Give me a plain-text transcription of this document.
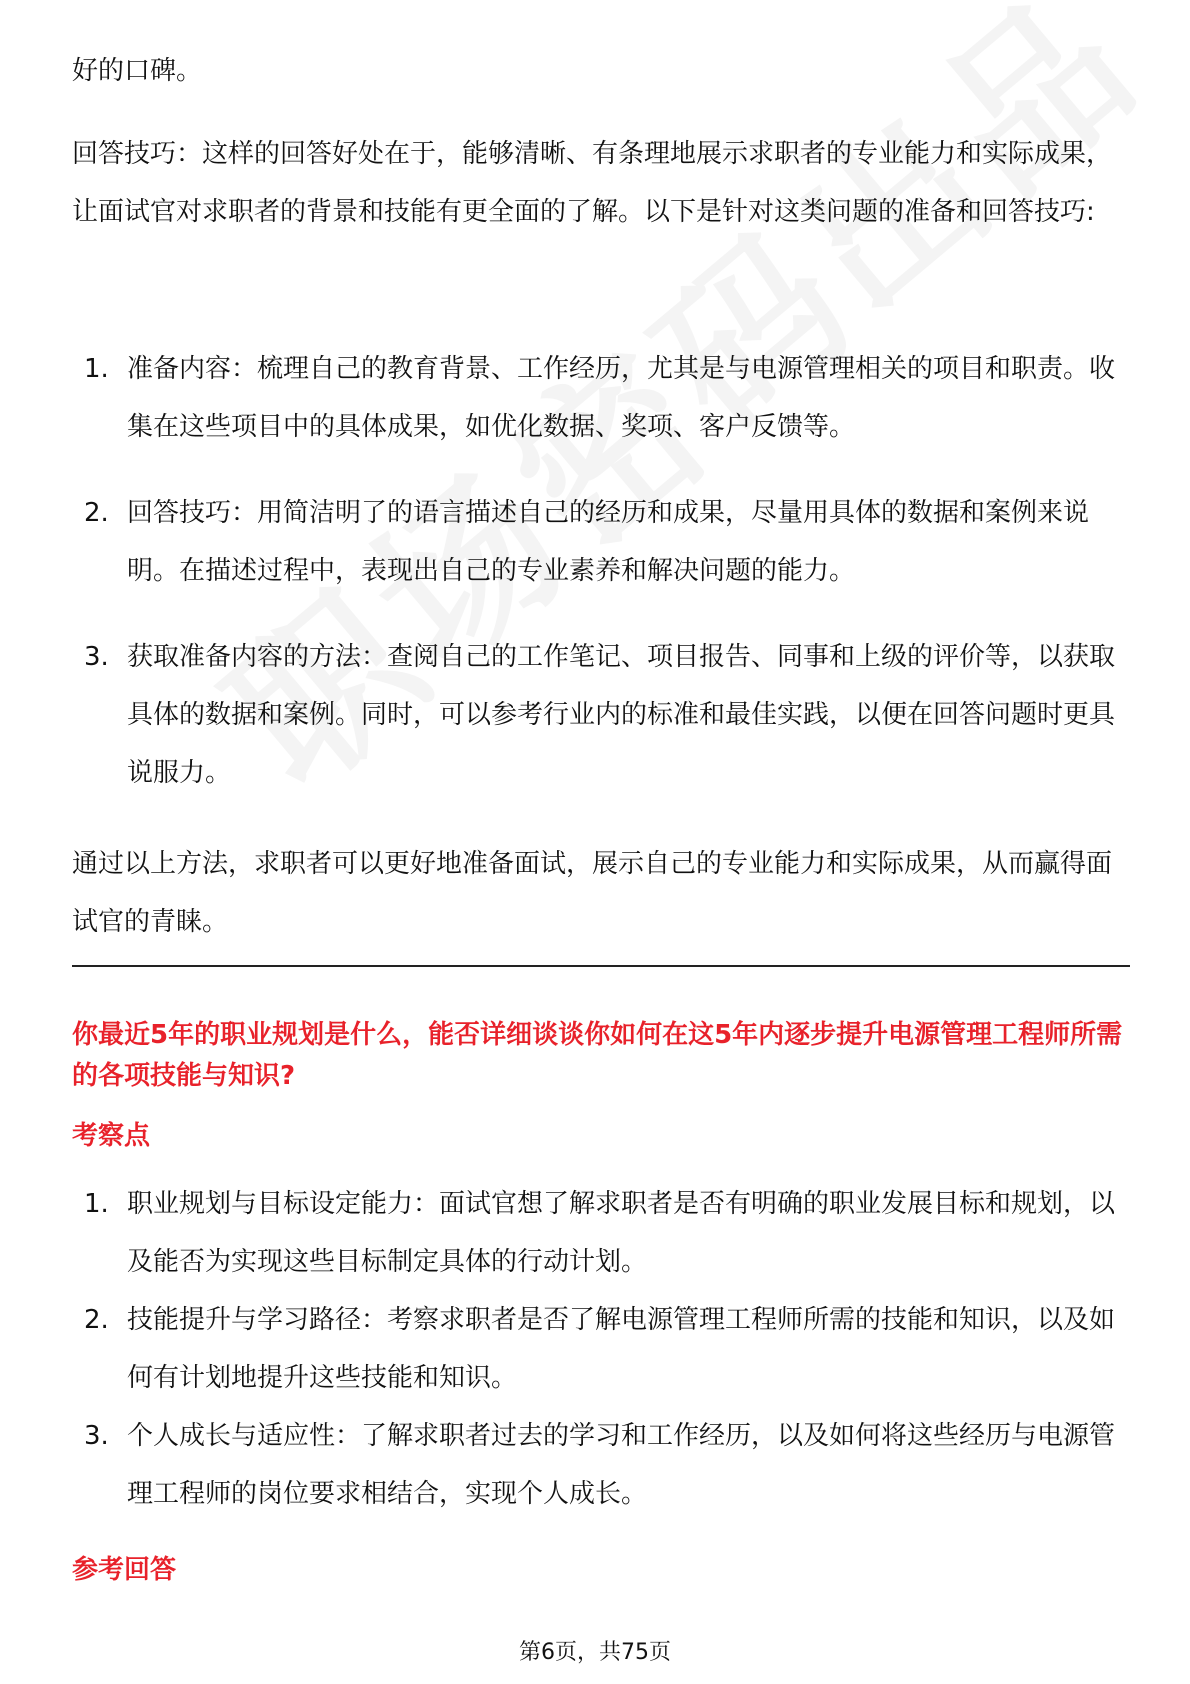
好的口碑。

回答技巧：这样的回答好处在于，能够清晰、有条理地展示求职者的专业能力和实际成果，让面试官对求职者的背景和技能有更全面的了解。以下是针对这类问题的准备和回答技巧:

1. 准备内容：梳理自己的教育背景、工作经历，尤其是与电源管理相关的项目和职责。收集在这些项目中的具体成果，如优化数据、奖项、客户反馈等。
2. 回答技巧：用简洁明了的语言描述自己的经历和成果，尽量用具体的数据和案例来说明。在描述过程中，表现出自己的专业素养和解决问题的能力。
3. 获取准备内容的方法：查阅自己的工作笔记、项目报告、同事和上级的评价等，以获取具体的数据和案例。同时，可以参考行业内的标准和最佳实践，以便在回答问题时更具说服力。

通过以上方法，求职者可以更好地准备面试，展示自己的专业能力和实际成果，从而赢得面试官的青睐。

你最近5年的职业规划是什么，能否详细谈谈你如何在这5年内逐步提升电源管理工程师所需的各项技能与知识?

考察点

1. 职业规划与目标设定能力：面试官想了解求职者是否有明确的职业发展目标和规划，以及能否为实现这些目标制定具体的行动计划。
2. 技能提升与学习路径：考察求职者是否了解电源管理工程师所需的技能和知识，以及如何有计划地提升这些技能和知识。
3. 个人成长与适应性：了解求职者过去的学习和工作经历，以及如何将这些经历与电源管理工程师的岗位要求相结合，实现个人成长。

参考回答

第6页，共75页
